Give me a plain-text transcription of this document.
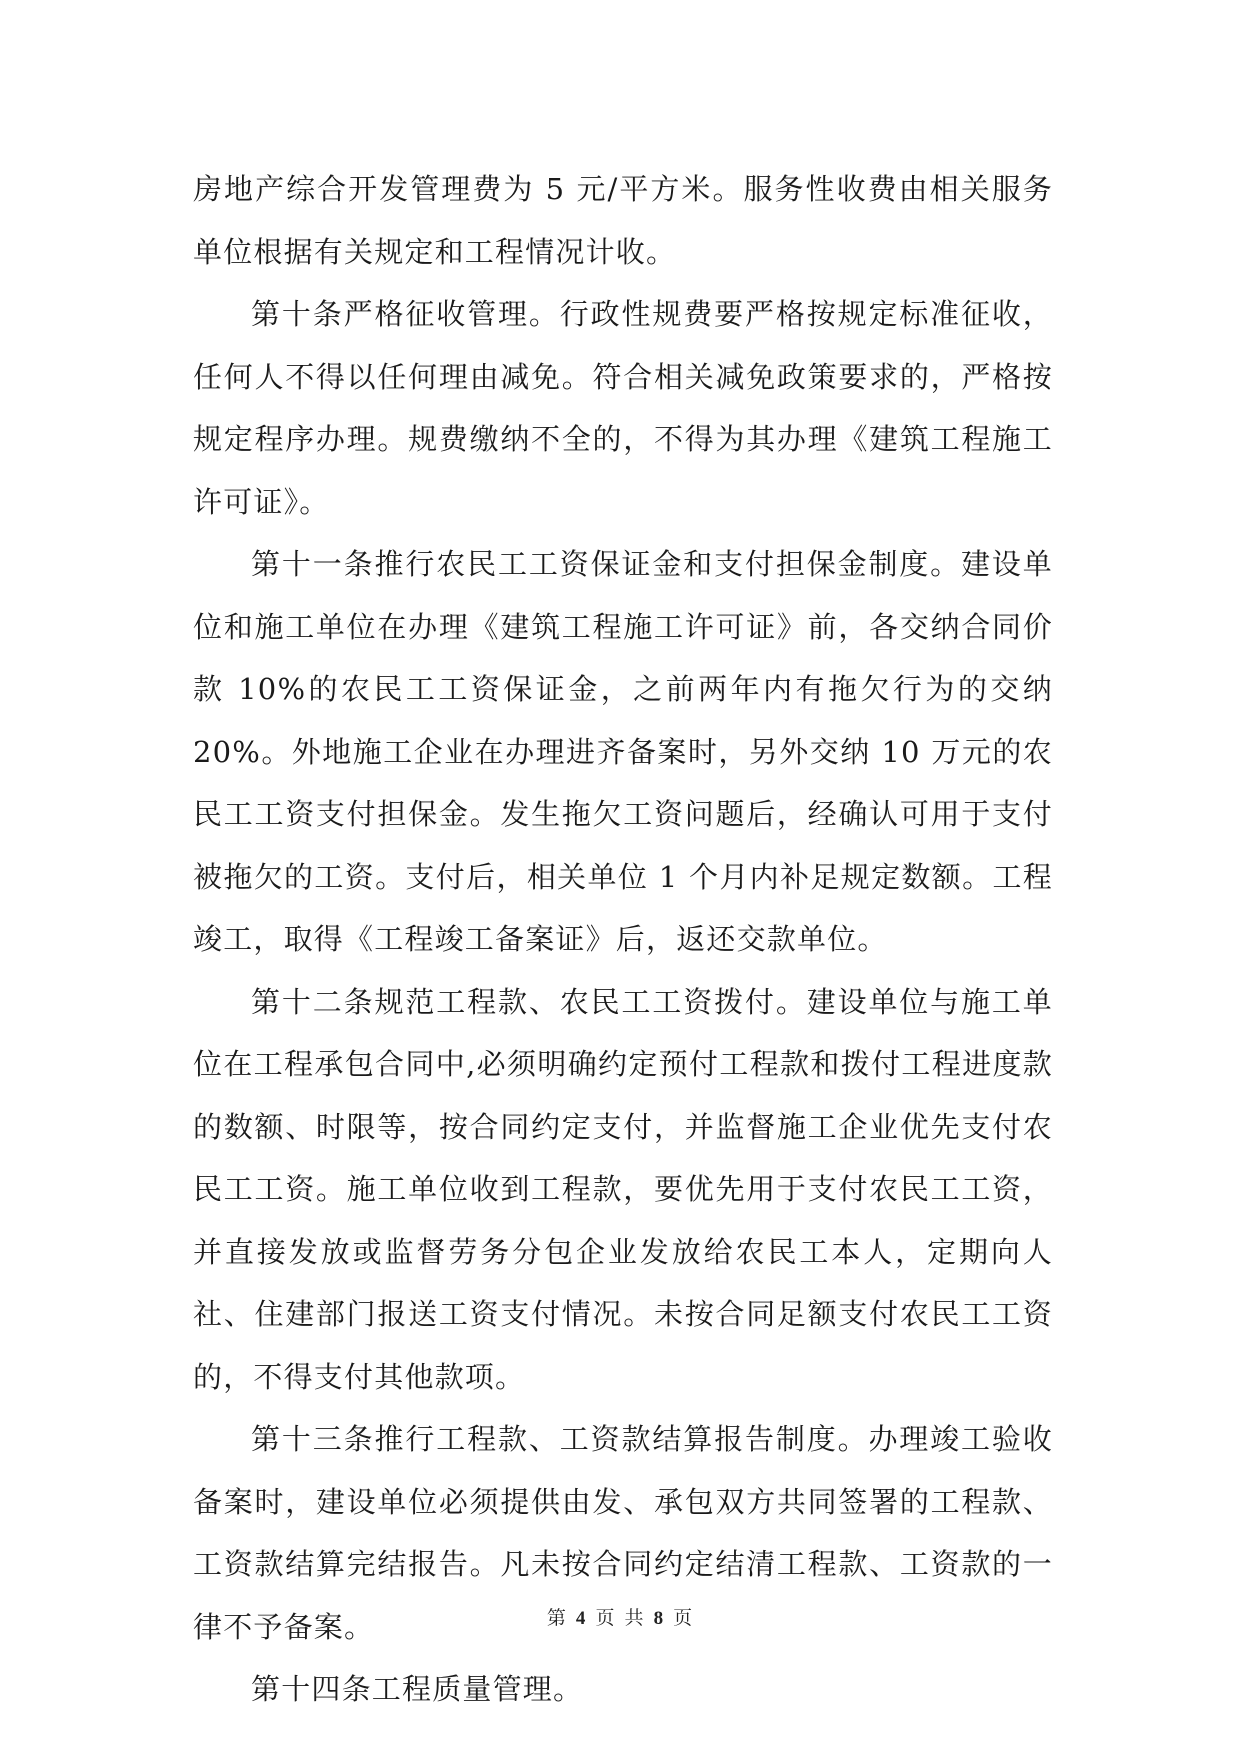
房地产综合开发管理费为 5 元/平方米。服务性收费由相关服务单位根据有关规定和工程情况计收。

第十条严格征收管理。行政性规费要严格按规定标准征收，任何人不得以任何理由减免。符合相关减免政策要求的，严格按规定程序办理。规费缴纳不全的，不得为其办理《建筑工程施工许可证》。

第十一条推行农民工工资保证金和支付担保金制度。建设单位和施工单位在办理《建筑工程施工许可证》前，各交纳合同价款 10%的农民工工资保证金，之前两年内有拖欠行为的交纳 20%。外地施工企业在办理进齐备案时，另外交纳 10 万元的农民工工资支付担保金。发生拖欠工资问题后，经确认可用于支付被拖欠的工资。支付后，相关单位 1 个月内补足规定数额。工程竣工，取得《工程竣工备案证》后，返还交款单位。

第十二条规范工程款、农民工工资拨付。建设单位与施工单位在工程承包合同中,必须明确约定预付工程款和拨付工程进度款的数额、时限等，按合同约定支付，并监督施工企业优先支付农民工工资。施工单位收到工程款，要优先用于支付农民工工资，并直接发放或监督劳务分包企业发放给农民工本人，定期向人社、住建部门报送工资支付情况。未按合同足额支付农民工工资的，不得支付其他款项。

第十三条推行工程款、工资款结算报告制度。办理竣工验收备案时，建设单位必须提供由发、承包双方共同签署的工程款、工资款结算完结报告。凡未按合同约定结清工程款、工资款的一律不予备案。

第十四条工程质量管理。

第 4 页 共 8 页
